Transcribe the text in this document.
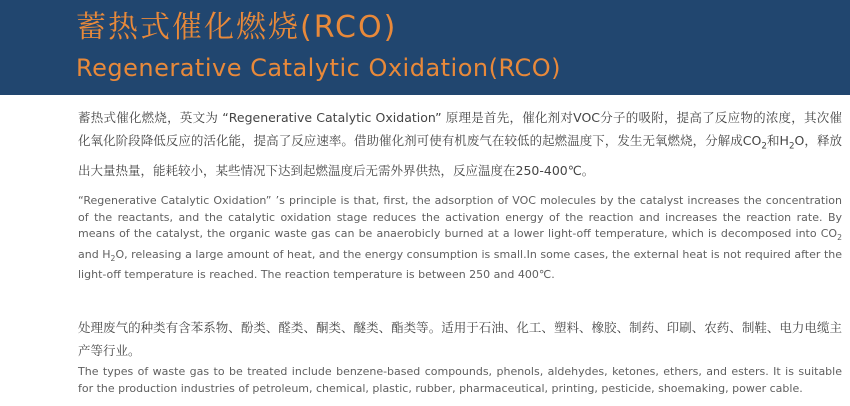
蓄热式催化燃烧(RCO)
Regenerative Catalytic Oxidation(RCO)

蓄热式催化燃烧，英文为 “Regenerative Catalytic Oxidation” 原理是首先，催化剂对VOC分子的吸附，提高了反应物的浓度，其次催化氧化阶段降低反应的活化能，提高了反应速率。借助催化剂可使有机废气在较低的起燃温度下，发生无氧燃烧，分解成$CO_2$和$H_2O$，释放出大量热量，能耗较小，某些情况下达到起燃温度后无需外界供热，反应温度在250-400℃。

“Regenerative Catalytic Oxidation” ’s principle is that, first, the adsorption of VOC molecules by the catalyst increases the concentration of the reactants, and the catalytic oxidation stage reduces the activation energy of the reaction and increases the reaction rate. By means of the catalyst, the organic waste gas can be anaerobicly burned at a lower light-off temperature, which is decomposed into $CO_2$ and $H_2O$, releasing a large amount of heat, and the energy consumption is small.In some cases, the external heat is not required after the light-off temperature is reached. The reaction temperature is between 250 and 400℃.

处理废气的种类有含苯系物、酚类、醛类、酮类、醚类、酯类等。适用于石油、化工、塑料、橡胶、制药、印刷、农药、制鞋、电力电缆主产等行业。

The types of waste gas to be treated include benzene-based compounds, phenols, aldehydes, ketones, ethers, and esters. It is suitable for the production industries of petroleum, chemical, plastic, rubber, pharmaceutical, printing, pesticide, shoemaking, power cable.
